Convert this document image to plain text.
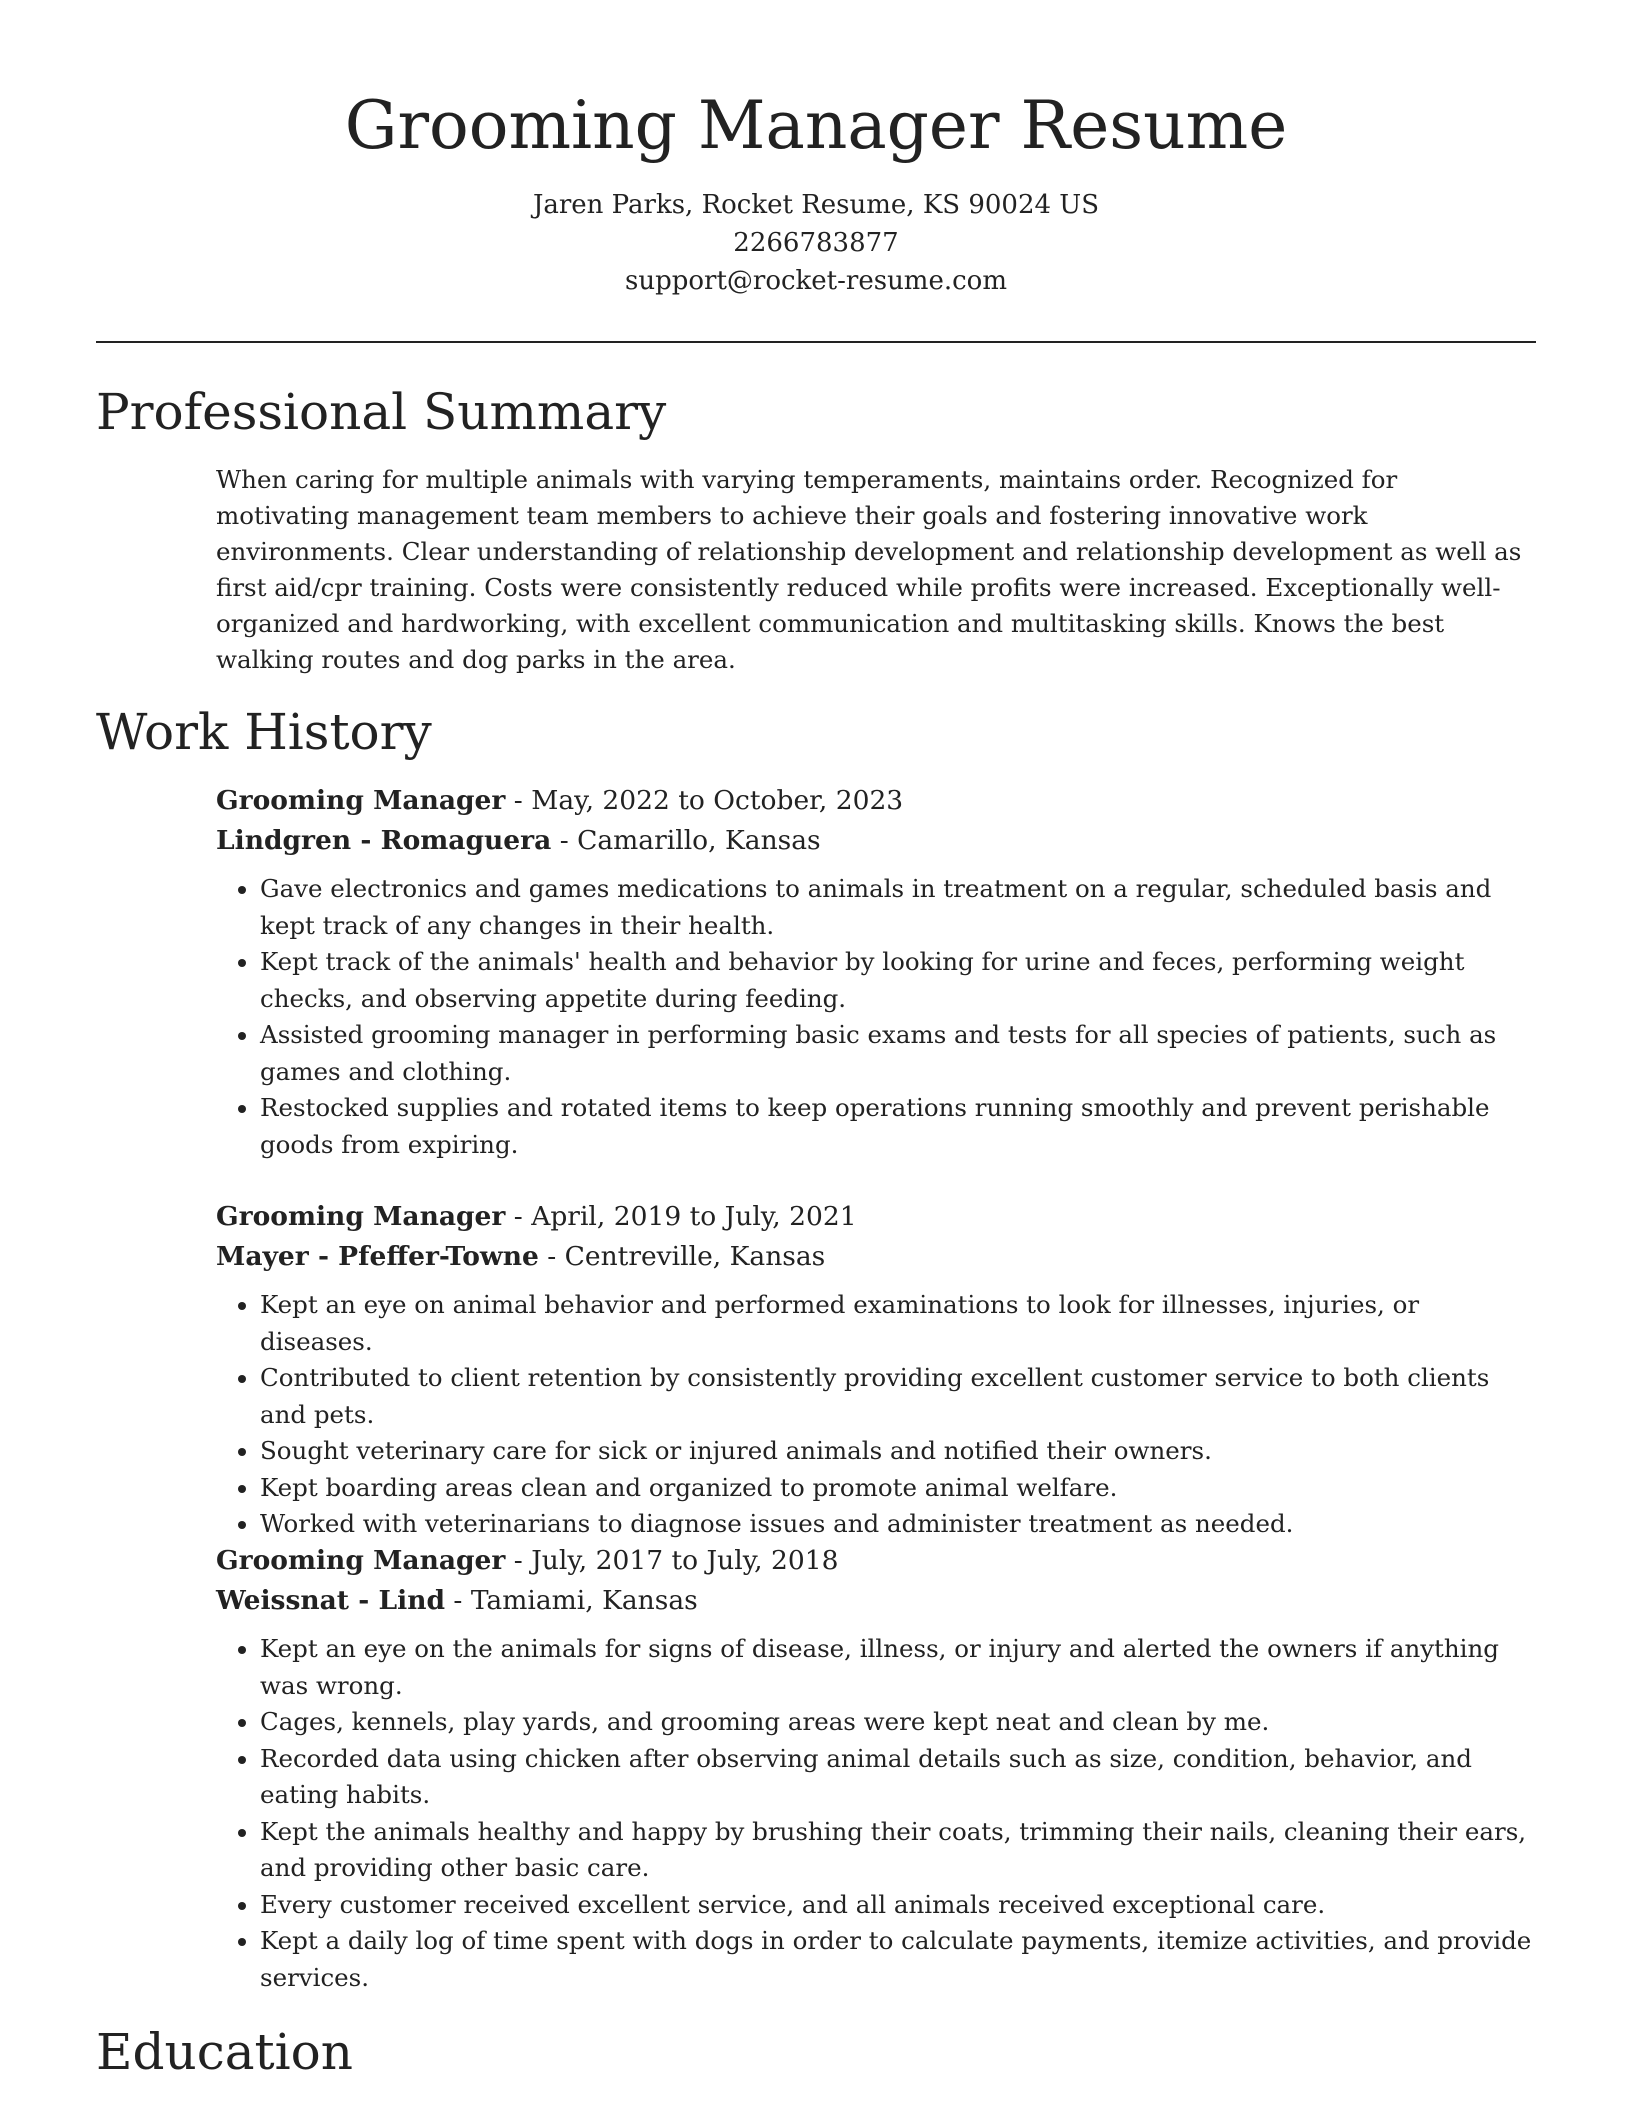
Grooming Manager Resume
Jaren Parks, Rocket Resume, KS 90024 US
2266783877
support@rocket-resume.com
Professional Summary

When caring for multiple animals with varying temperaments, maintains order. Recognized for motivating management team members to achieve their goals and fostering innovative work environments. Clear understanding of relationship development and relationship development as well as first aid/cpr training. Costs were consistently reduced while profits were increased. Exceptionally well-organized and hardworking, with excellent communication and multitasking skills. Knows the best walking routes and dog parks in the area.

Work History
Grooming Manager - May, 2022 to October, 2023
Lindgren - Romaguera - Camarillo, Kansas
• Gave electronics and games medications to animals in treatment on a regular, scheduled basis and kept track of any changes in their health.
• Kept track of the animals' health and behavior by looking for urine and feces, performing weight checks, and observing appetite during feeding.
• Assisted grooming manager in performing basic exams and tests for all species of patients, such as games and clothing.
• Restocked supplies and rotated items to keep operations running smoothly and prevent perishable goods from expiring.
Grooming Manager - April, 2019 to July, 2021
Mayer - Pfeffer-Towne - Centreville, Kansas
• Kept an eye on animal behavior and performed examinations to look for illnesses, injuries, or diseases.
• Contributed to client retention by consistently providing excellent customer service to both clients and pets.
• Sought veterinary care for sick or injured animals and notified their owners.
• Kept boarding areas clean and organized to promote animal welfare.
• Worked with veterinarians to diagnose issues and administer treatment as needed.
Grooming Manager - July, 2017 to July, 2018
Weissnat - Lind - Tamiami, Kansas
• Kept an eye on the animals for signs of disease, illness, or injury and alerted the owners if anything was wrong.
• Cages, kennels, play yards, and grooming areas were kept neat and clean by me.
• Recorded data using chicken after observing animal details such as size, condition, behavior, and eating habits.
• Kept the animals healthy and happy by brushing their coats, trimming their nails, cleaning their ears, and providing other basic care.
• Every customer received excellent service, and all animals received exceptional care.
• Kept a daily log of time spent with dogs in order to calculate payments, itemize activities, and provide services.
Education
